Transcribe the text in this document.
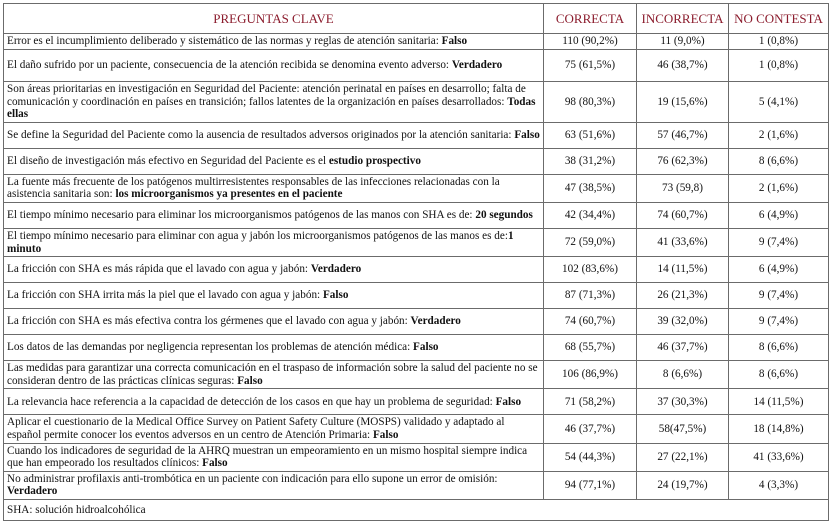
PREGUNTAS CLAVE	CORRECTA	INCORRECTA	NO CONTESTA
Error es el incumplimiento deliberado y sistemático de las normas y reglas de atención sanitaria: Falso	110 (90,2%)	11 (9,0%)	1 (0,8%)
El daño sufrido por un paciente, consecuencia de la atención recibida se denomina evento adverso: Verdadero	75 (61,5%)	46 (38,7%)	1 (0,8%)
Son áreas prioritarias en investigación en Seguridad del Paciente: atención perinatal en países en desarrollo; falta de comunicación y coordinación en países en transición; fallos latentes de la organización en países desarrollados: Todas ellas	98 (80,3%)	19 (15,6%)	5 (4,1%)
Se define la Seguridad del Paciente como la ausencia de resultados adversos originados por la atención sanitaria: Falso	63 (51,6%)	57 (46,7%)	2 (1,6%)
El diseño de investigación más efectivo en Seguridad del Paciente es el estudio prospectivo	38 (31,2%)	76 (62,3%)	8 (6,6%)
La fuente más frecuente de los patógenos multirresistentes responsables de las infecciones relacionadas con la asistencia sanitaria son: los microorganismos ya presentes en el paciente	47 (38,5%)	73 (59,8)	2 (1,6%)
El tiempo mínimo necesario para eliminar los microorganismos patógenos de las manos con SHA es de: 20 segundos	42 (34,4%)	74 (60,7%)	6 (4,9%)
El tiempo mínimo necesario para eliminar con agua y jabón los microorganismos patógenos de las manos es de:1 minuto	72 (59,0%)	41 (33,6%)	9 (7,4%)
La fricción con SHA es más rápida que el lavado con agua y jabón: Verdadero	102 (83,6%)	14 (11,5%)	6 (4,9%)
La fricción con SHA irrita más la piel que el lavado con agua y jabón: Falso	87 (71,3%)	26 (21,3%)	9 (7,4%)
La fricción con SHA es más efectiva contra los gérmenes que el lavado con agua y jabón: Verdadero	74 (60,7%)	39 (32,0%)	9 (7,4%)
Los datos de las demandas por negligencia representan los problemas de atención médica: Falso	68 (55,7%)	46 (37,7%)	8 (6,6%)
Las medidas para garantizar una correcta comunicación en el traspaso de información sobre la salud del paciente no se consideran dentro de las prácticas clínicas seguras: Falso	106 (86,9%)	8 (6,6%)	8 (6,6%)
La relevancia hace referencia a la capacidad de detección de los casos en que hay un problema de seguridad: Falso	71 (58,2%)	37 (30,3%)	14 (11,5%)
Aplicar el cuestionario de la Medical Office Survey on Patient Safety Culture (MOSPS) validado y adaptado al español permite conocer los eventos adversos en un centro de Atención Primaria: Falso	46 (37,7%)	58(47,5%)	18 (14,8%)
Cuando los indicadores de seguridad de la AHRQ muestran un empeoramiento en un mismo hospital siempre indica que han empeorado los resultados clínicos: Falso	54 (44,3%)	27 (22,1%)	41 (33,6%)
No administrar profilaxis anti-trombótica en un paciente con indicación para ello supone un error de omisión: Verdadero	94 (77,1%)	24 (19,7%)	4 (3,3%)
SHA: solución hidroalcohólica			
